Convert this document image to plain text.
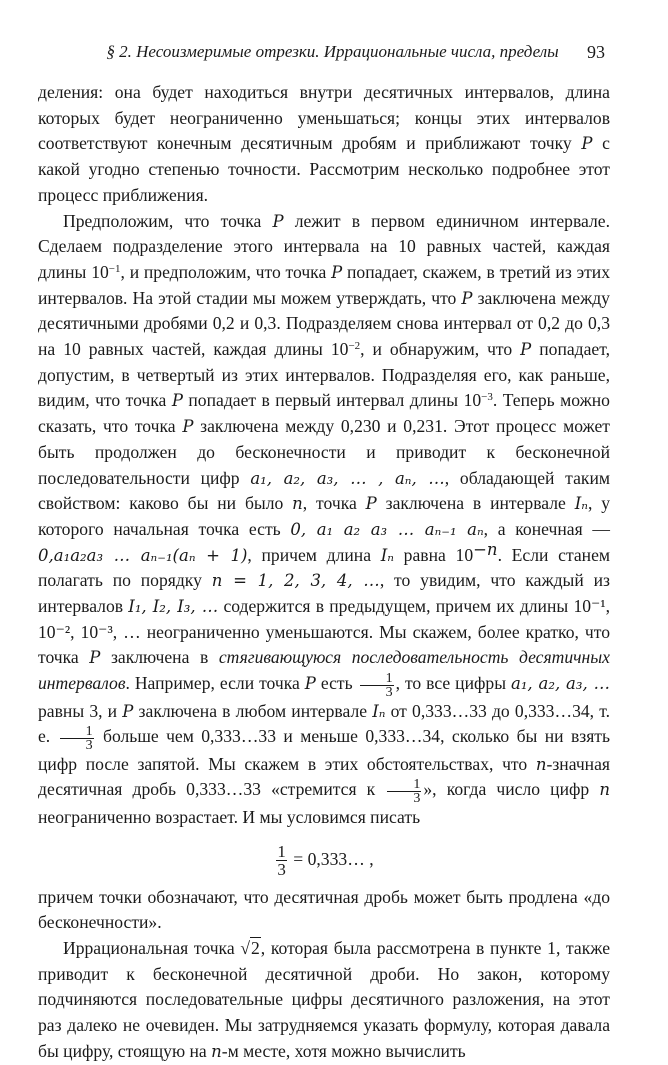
§ 2. Несоизмеримые отрезки. Иррациональные числа, пределы	93

деления: она будет находиться внутри десятичных интервалов, длина которых будет неограниченно уменьшаться; концы этих интервалов соответствуют конечным десятичным дробям и приближают точку P с какой угодно степенью точности. Рассмотрим несколько подробнее этот процесс приближения.

Предположим, что точка P лежит в первом единичном интервале. Сделаем подразделение этого интервала на 10 равных частей, каждая длины $10^{-1}$, и предположим, что точка P попадает, скажем, в третий из этих интервалов. На этой стадии мы можем утверждать, что P заключена между десятичными дробями 0,2 и 0,3. Подразделяем снова интервал от 0,2 до 0,3 на 10 равных частей, каждая длины $10^{-2}$, и обнаружим, что P попадает, допустим, в четвертый из этих интервалов. Подразделяя его, как раньше, видим, что точка P попадает в первый интервал длины $10^{-3}$. Теперь можно сказать, что точка P заключена между 0,230 и 0,231. Этот процесс может быть продолжен до бесконечности и приводит к бесконечной последовательности цифр a₁, a₂, a₃, … , aₙ, …, обладающей таким свойством: каково бы ни было n, точка P заключена в интервале Iₙ, у которого начальная точка есть 0, a₁ a₂ a₃ … aₙ₋₁ aₙ, а конечная — 0,a₁a₂a₃ … aₙ₋₁(aₙ + 1), причем длина Iₙ равна $10^{-n}$. Если станем полагать по порядку n = 1, 2, 3, 4, …, то увидим, что каждый из интервалов I₁, I₂, I₃, … содержится в предыдущем, причем их длины 10⁻¹, 10⁻², 10⁻³, … неограниченно уменьшаются. Мы скажем, более кратко, что точка P заключена в стягивающуюся последовательность десятичных интервалов. Например, если точка P есть $\frac{1}{3}$ , то все цифры a₁, a₂, a₃, … равны 3, и P заключена в любом интервале Iₙ от 0,333…33 до 0,333…34, т. е. $\frac{1}{3}$ больше чем 0,333…33 и меньше 0,333…34, сколько бы ни взять цифр после запятой. Мы скажем в этих обстоятельствах, что n-значная десятичная дробь 0,333…33 «стремится к $\frac{1}{3}$ », когда число цифр n неограниченно возрастает. И мы условимся писать

$\frac{1}{3}$ = 0,333… ,

причем точки обозначают, что десятичная дробь может быть продлена «до бесконечности».

Иррациональная точка √2, которая была рассмотрена в пункте 1, также приводит к бесконечной десятичной дроби. Но закон, которому подчиняются последовательные цифры десятичного разложения, на этот раз далеко не очевиден. Мы затрудняемся указать формулу, которая давала бы цифру, стоящую на n-м месте, хотя можно вычислить
